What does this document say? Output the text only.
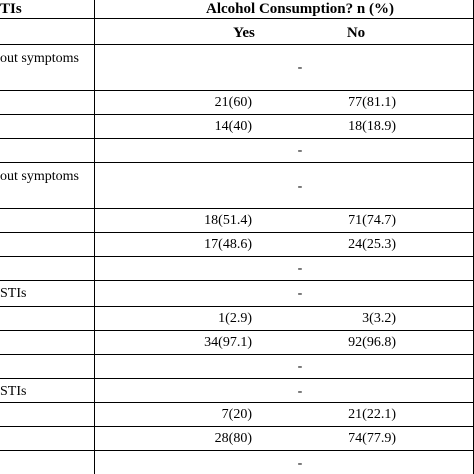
TIs	Alcohol Consumption? n (%)
Yes	No
out symptoms
out symptoms
STIs
STIs
-
-
-
-
-
-
-
-
21(60)
14(40)
18(51.4)
17(48.6)
1(2.9)
34(97.1)
7(20)
28(80)
77(81.1)
18(18.9)
71(74.7)
24(25.3)
3(3.2)
92(96.8)
21(22.1)
74(77.9)
